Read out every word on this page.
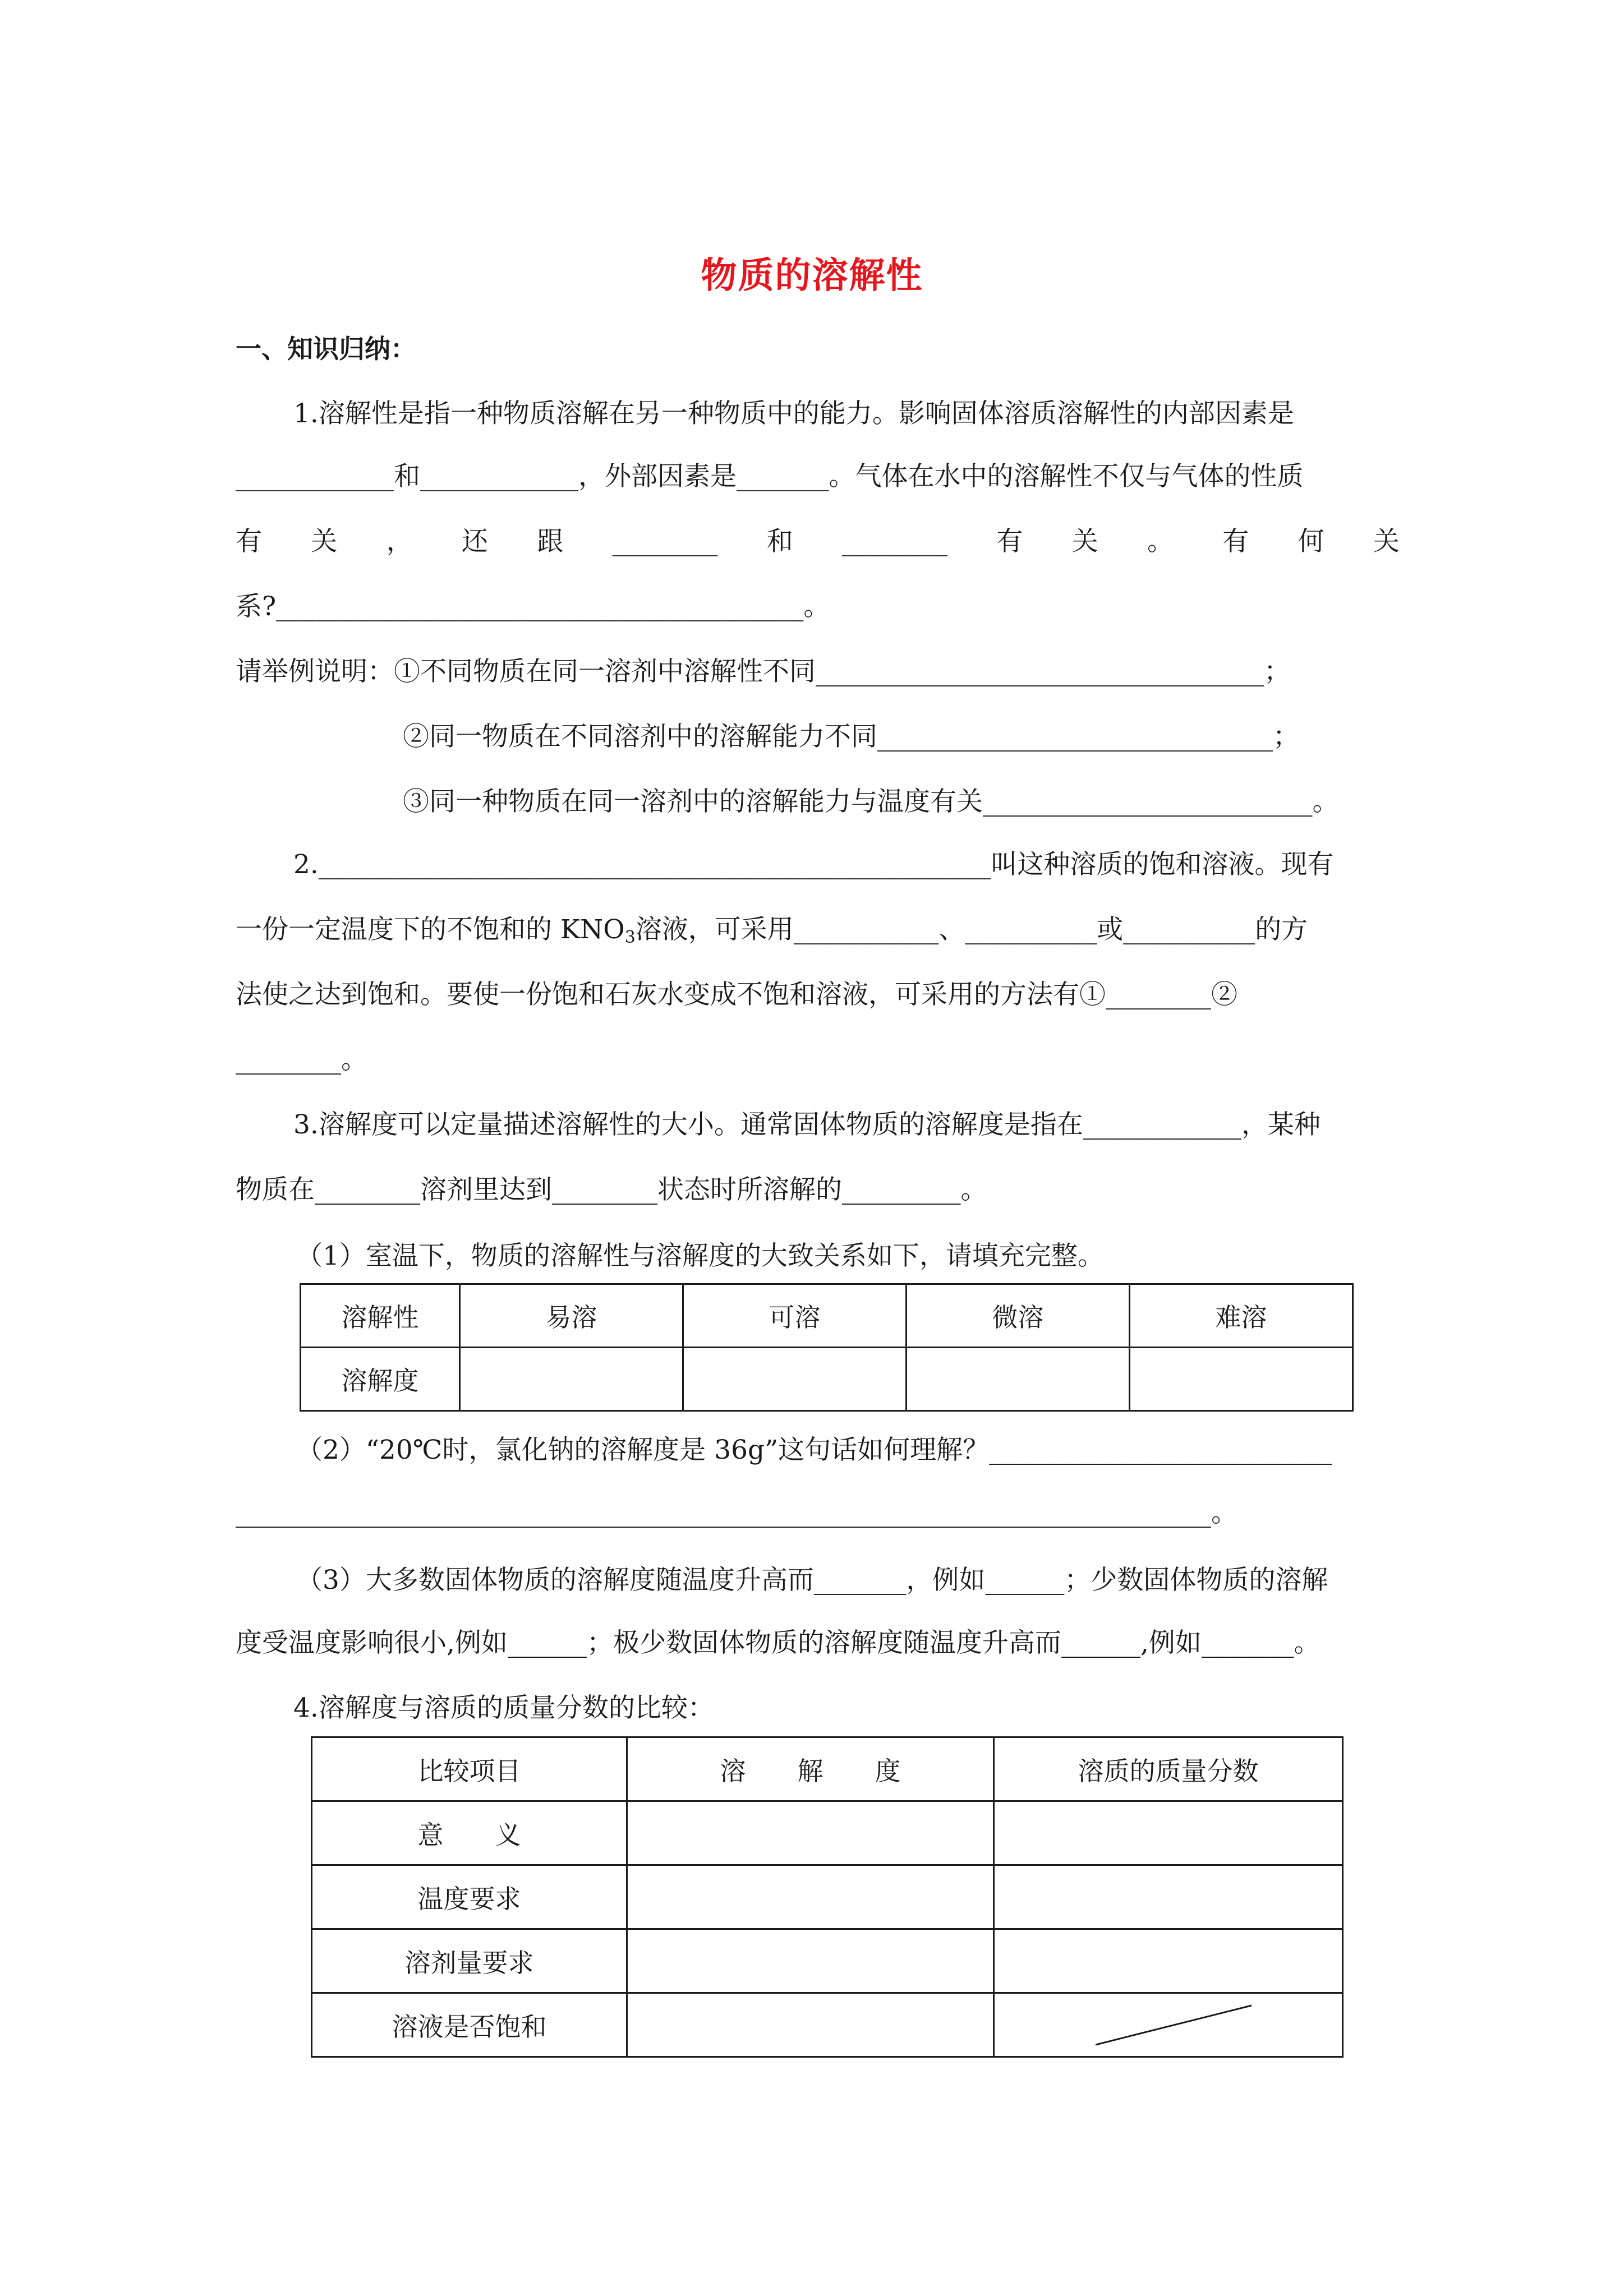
物质的溶解性
一、知识归纳：
1.溶解性是指一种物质溶解在另一种物质中的能力。影响固体溶质溶解性的内部因素是
____________和____________，外部因素是_______。气体在水中的溶解性不仅与气体的性质
有 关 ， 还 跟 ________ 和 ________ 有 关 。 有 何 关
系?________________________________________。
请举例说明：①不同物质在同一溶剂中溶解性不同__________________________________；
②同一物质在不同溶剂中的溶解能力不同______________________________；
③同一种物质在同一溶剂中的溶解能力与温度有关_________________________。
2.___________________________________________________叫这种溶质的饱和溶液。现有
一份一定温度下的不饱和的 $KNO_3$溶液，可采用___________、__________或__________的方
法使之达到饱和。要使一份饱和石灰水变成不饱和溶液，可采用的方法有①________②
________。
3.溶解度可以定量描述溶解性的大小。通常固体物质的溶解度是指在____________，某种
物质在________溶剂里达到________状态时所溶解的_________。
（1）室温下，物质的溶解性与溶解度的大致关系如下，请填充完整。
溶解性	易溶	可溶	微溶	难溶
溶解度				
（2）“20℃时，氯化钠的溶解度是 36g”这句话如何理解？__________________________
__________________________________________________________________________。
（3）大多数固体物质的溶解度随温度升高而_______，例如______；少数固体物质的溶解
度受温度影响很小,例如______；极少数固体物质的溶解度随温度升高而______,例如_______。
4.溶解度与溶质的质量分数的比较：
比较项目	溶　　解　　度	溶质的质量分数
意　　义		
温度要求		
溶剂量要求		
溶液是否饱和		
